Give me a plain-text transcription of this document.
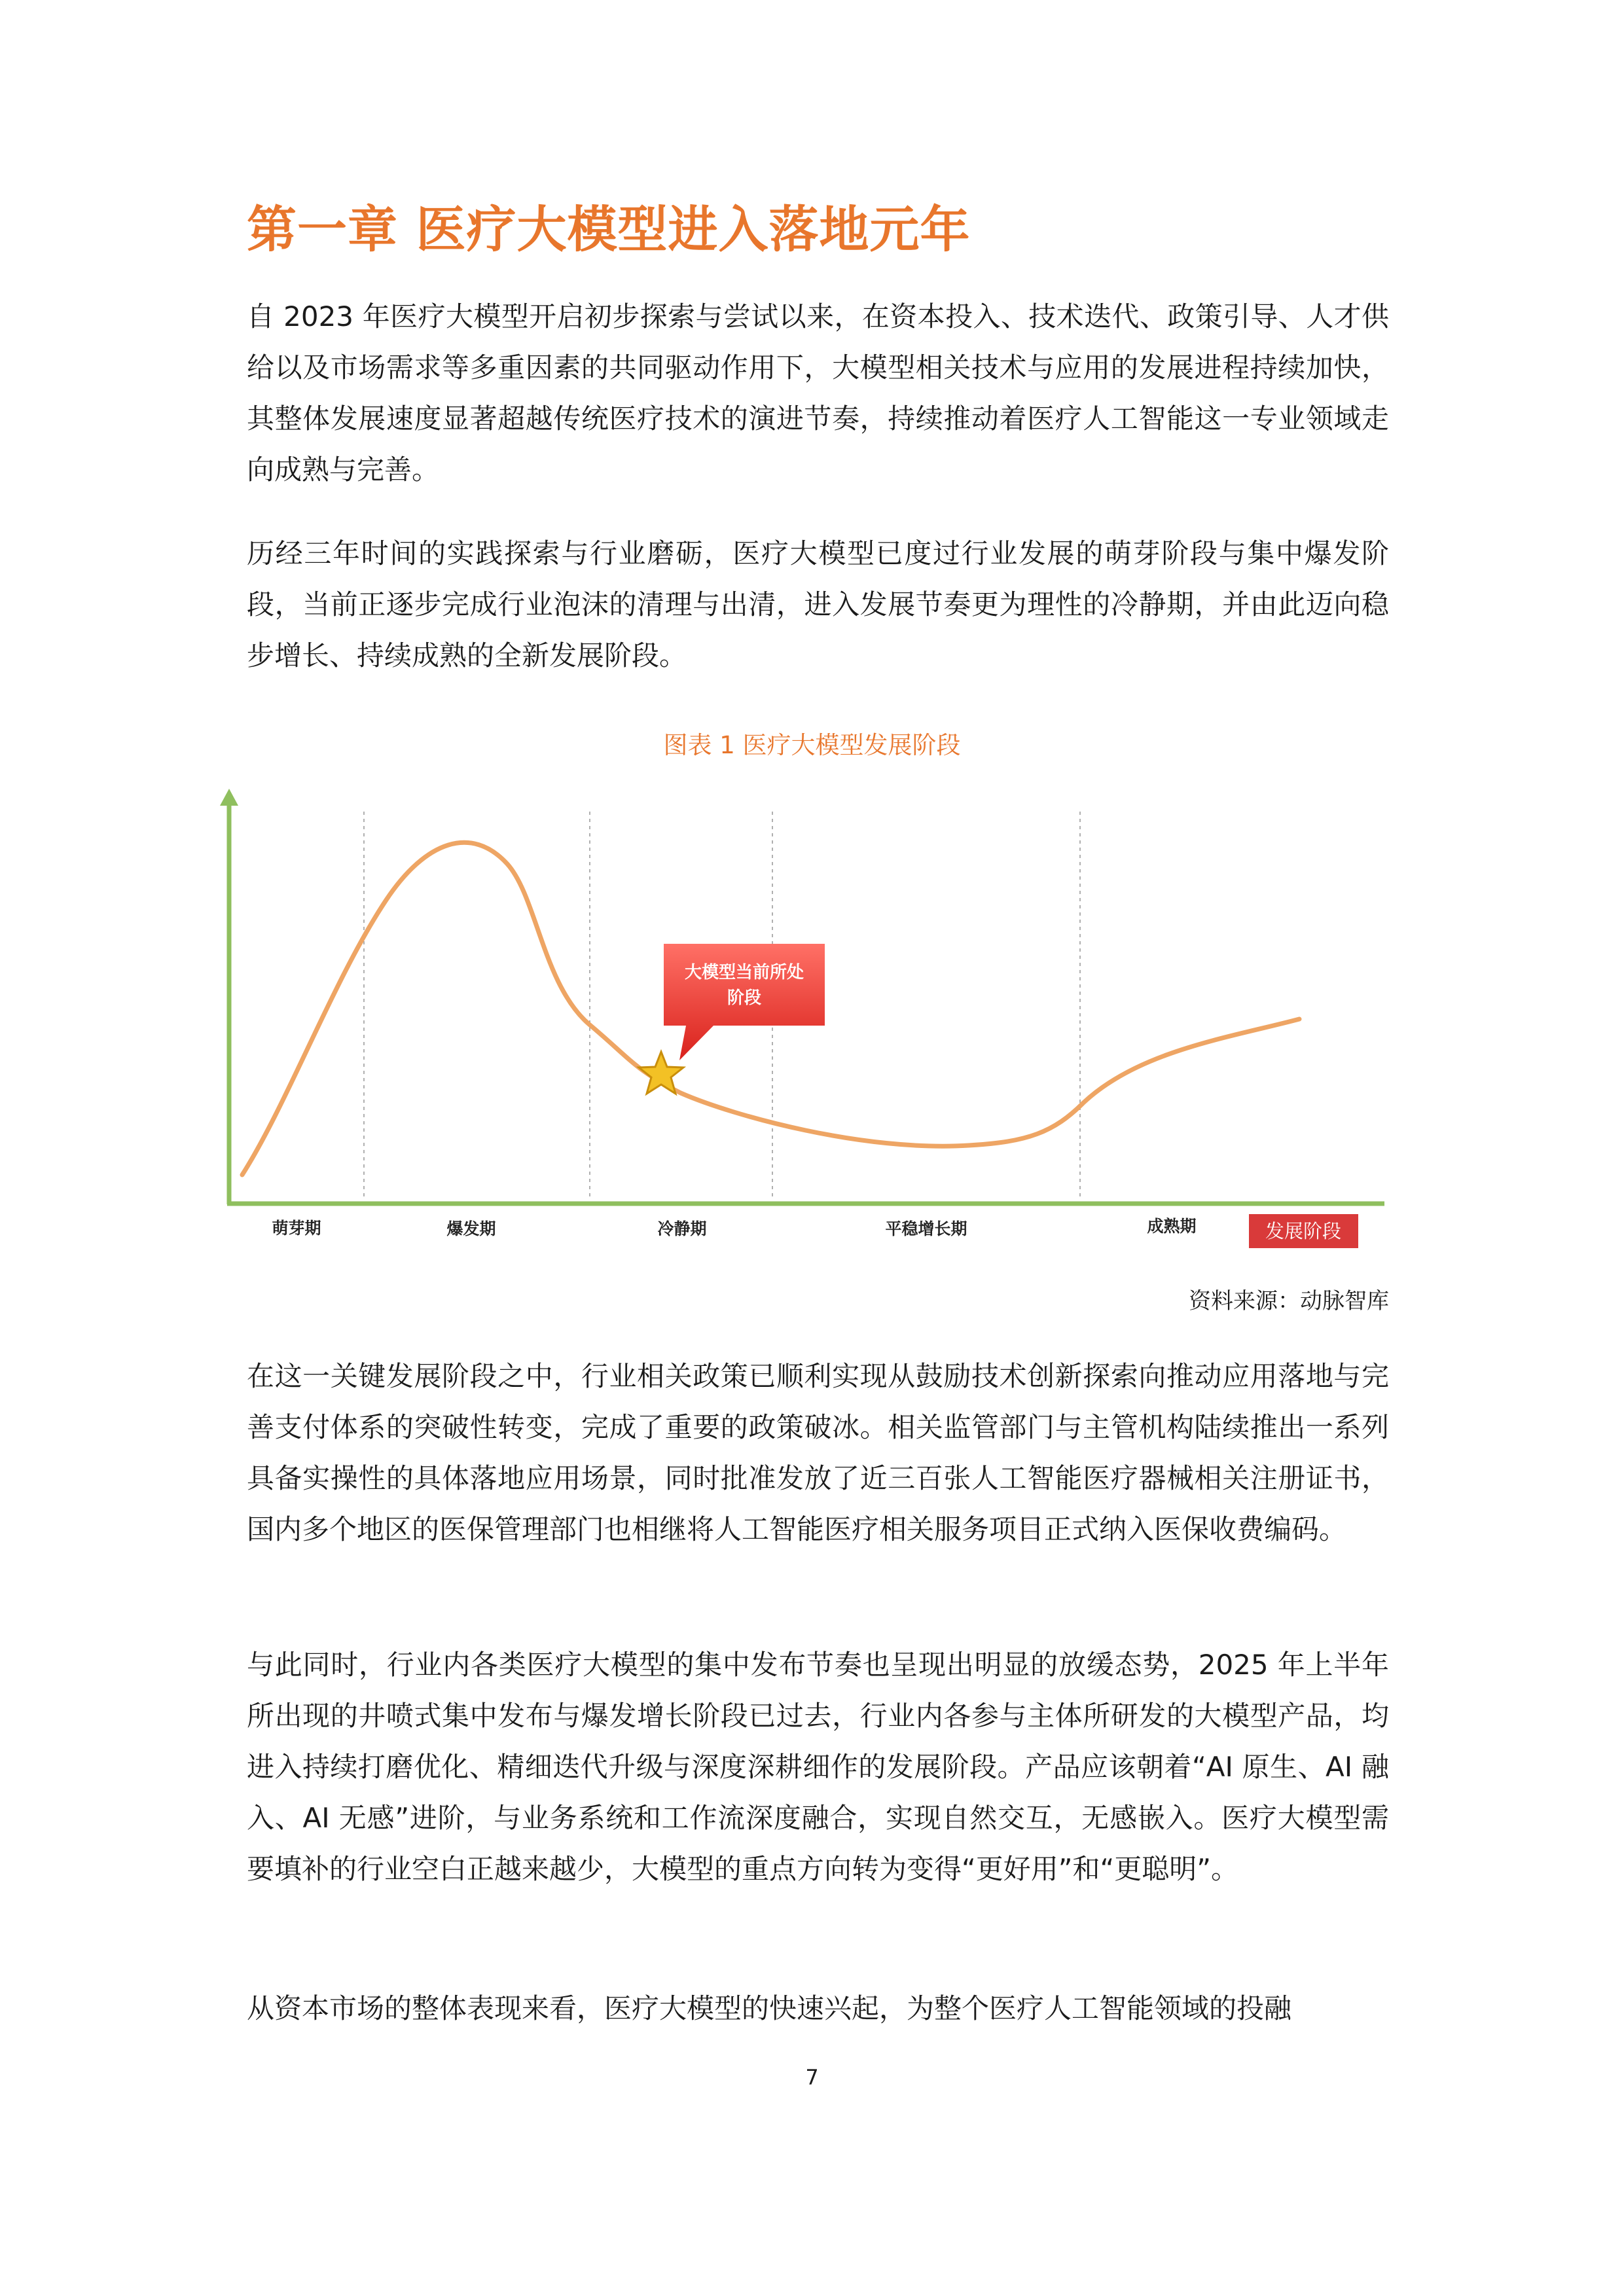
第一章 医疗大模型进入落地元年

自 2023 年医疗大模型开启初步探索与尝试以来，在资本投入、技术迭代、政策引导、人才供给以及市场需求等多重因素的共同驱动作用下，大模型相关技术与应用的发展进程持续加快，其整体发展速度显著超越传统医疗技术的演进节奏，持续推动着医疗人工智能这一专业领域走向成熟与完善。

历经三年时间的实践探索与行业磨砺，医疗大模型已度过行业发展的萌芽阶段与集中爆发阶段，当前正逐步完成行业泡沫的清理与出清，进入发展节奏更为理性的冷静期，并由此迈向稳步增长、持续成熟的全新发展阶段。

图表 1 医疗大模型发展阶段

大模型当前所处
阶段
萌芽期	爆发期	冷静期	平稳增长期	成熟期	发展阶段

资料来源：动脉智库

在这一关键发展阶段之中，行业相关政策已顺利实现从鼓励技术创新探索向推动应用落地与完善支付体系的突破性转变，完成了重要的政策破冰。相关监管部门与主管机构陆续推出一系列具备实操性的具体落地应用场景，同时批准发放了近三百张人工智能医疗器械相关注册证书，国内多个地区的医保管理部门也相继将人工智能医疗相关服务项目正式纳入医保收费编码。

与此同时，行业内各类医疗大模型的集中发布节奏也呈现出明显的放缓态势，2025 年上半年所出现的井喷式集中发布与爆发增长阶段已过去，行业内各参与主体所研发的大模型产品，均进入持续打磨优化、精细迭代升级与深度深耕细作的发展阶段。产品应该朝着“AI 原生、AI 融入、AI 无感”进阶，与业务系统和工作流深度融合，实现自然交互，无感嵌入。医疗大模型需要填补的行业空白正越来越少，大模型的重点方向转为变得“更好用”和“更聪明”。

从资本市场的整体表现来看，医疗大模型的快速兴起，为整个医疗人工智能领域的投融

7
